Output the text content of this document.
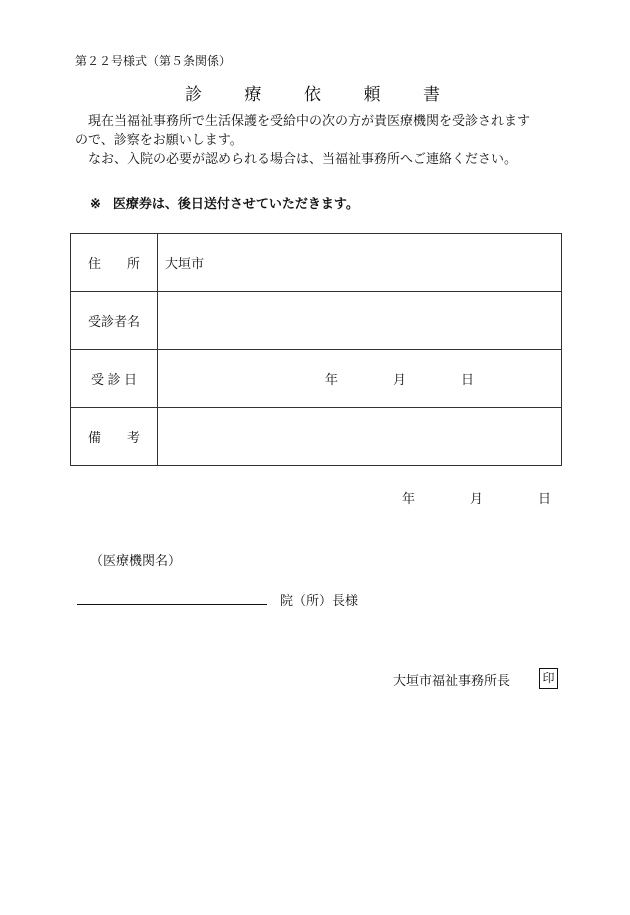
第２２号様式（第５条関係）
診	療	依	頼	書

現在当福祉事務所で生活保護を受給中の次の方が貴医療機関を受診されます

ので、診察をお願いします。

なお、入院の必要が認められる場合は、当福祉事務所へご連絡ください。

※ 医療券は、後日送付させていただきます。
住 所	大垣市
受診者名	

受 診 日	年 月 日

備 考	

年	月	日
（医療機関名）
院（所）長様
大垣市福祉事務所長	印
